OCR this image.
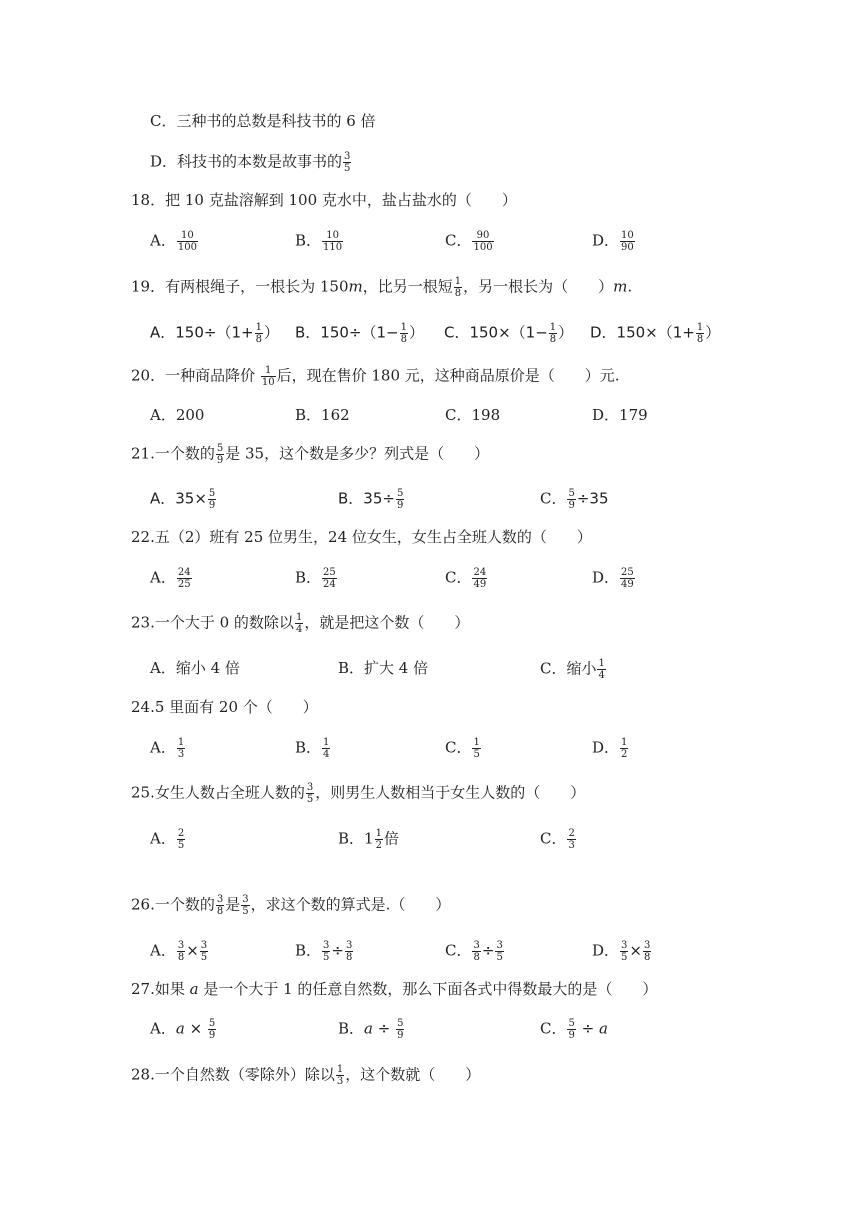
C．三种书的总数是科技书的 6 倍
D．科技书的本数是故事书的 $\frac{3}{5}$
18．把 10 克盐溶解到 100 克水中，盐占盐水的（　　）
A． $\frac{10}{100}$	B． $\frac{10}{110}$	C． $\frac{90}{100}$	D． $\frac{10}{90}$
19．有两根绳子，一根长为 150m，比另一根短 $\frac{1}{8}$ ，另一根长为（　　）m.
A．$150\div(1+ \frac{1}{8}$ ） B．$150\div(1- \frac{1}{8}$ ） C．$150\times(1- \frac{1}{8}$ ） D．$150\times(1+ \frac{1}{8}$ ）
20．一种商品降价 $\frac{1}{10}$ 后，现在售价 180 元，这种商品原价是（　　）元.
A．200	B．162	C．198	D．179
21.一个数的 $\frac{5}{9}$ 是 35，这个数是多少？列式是（　　）
A．$35\times \frac{5}{9}$	B．$35\div \frac{5}{9}$	C． $\frac{5}{9} \div 35$
22.五（2）班有 25 位男生，24 位女生，女生占全班人数的（　　）
A． $\frac{24}{25}$	B． $\frac{25}{24}$	C． $\frac{24}{49}$	D． $\frac{25}{49}$
23.一个大于 0 的数除以 $\frac{1}{4}$ ，就是把这个数（　　）
A．缩小 4 倍	B．扩大 4 倍	C．缩小 $\frac{1}{4}$
24.5 里面有 20 个（　　）
A． $\frac{1}{3}$	B． $\frac{1}{4}$	C． $\frac{1}{5}$	D． $\frac{1}{2}$
25.女生人数占全班人数的 $\frac{3}{5}$ ，则男生人数相当于女生人数的（　　）
A． $\frac{2}{5}$	B．$1 \frac{1}{2}$ 倍	C． $\frac{2}{3}$
26.一个数的 $\frac{3}{8}$ 是 $\frac{3}{5}$ ，求这个数的算式是.（　　）
A． $\frac{3}{8} \times \frac{3}{5}$	B． $\frac{3}{5} \div \frac{3}{8}$	C． $\frac{3}{8} \div \frac{3}{5}$	D． $\frac{3}{5} \times \frac{3}{8}$
27.如果 a 是一个大于 1 的任意自然数，那么下面各式中得数最大的是（　　）
A．$a \times \frac{5}{9}$	B．$a \div \frac{5}{9}$	C． $\frac{5}{9} \div a$
28.一个自然数（零除外）除以 $\frac{1}{3}$ ，这个数就（　　）
